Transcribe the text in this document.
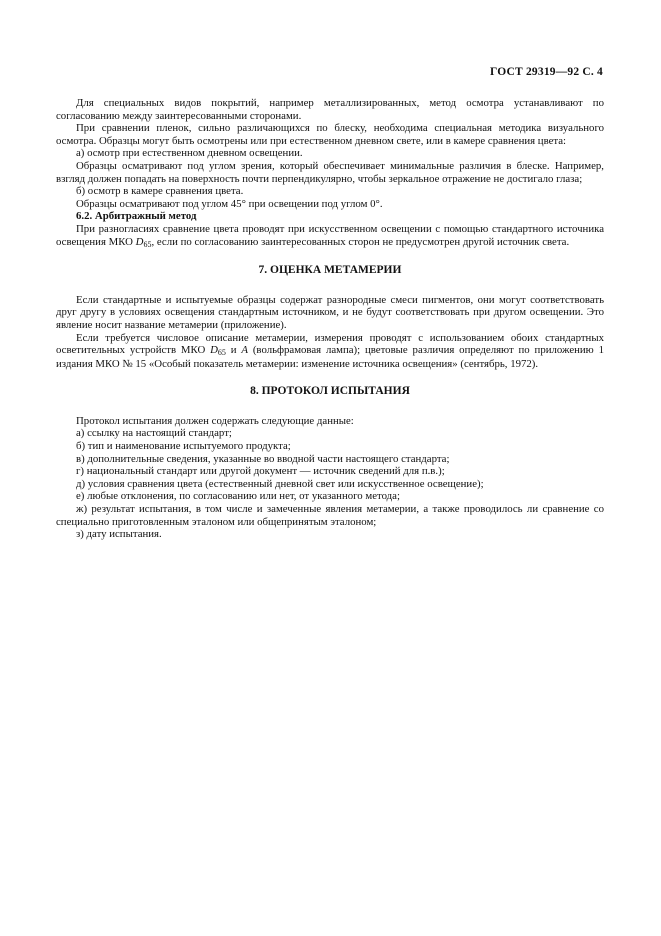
ГОСТ 29319—92 С. 4

Для специальных видов покрытий, например металлизированных, метод осмотра устанавливают по согласованию между заинтересованными сторонами.

При сравнении пленок, сильно различающихся по блеску, необходима специальная методика визуального осмотра. Образцы могут быть осмотрены или при естественном дневном свете, или в камере сравнения цвета:

а) осмотр при естественном дневном освещении.

Образцы осматривают под углом зрения, который обеспечивает минимальные различия в блеске. Например, взгляд должен попадать на поверхность почти перпендикулярно, чтобы зеркальное отражение не достигало глаза;

б) осмотр в камере сравнения цвета.

Образцы осматривают под углом 45° при освещении под углом 0°.

6.2. Арбитражный метод

При разногласиях сравнение цвета проводят при искусственном освещении с помощью стандартного источника освещения МКО D65, если по согласованию заинтересованных сторон не предусмотрен другой источник света.

7. ОЦЕНКА МЕТАМЕРИИ

Если стандартные и испытуемые образцы содержат разнородные смеси пигментов, они могут соответствовать друг другу в условиях освещения стандартным источником, и не будут соответствовать при другом освещении. Это явление носит название метамерии (приложение).

Если требуется числовое описание метамерии, измерения проводят с использованием обоих стандартных осветительных устройств МКО D65 и A (вольфрамовая лампа); цветовые различия определяют по приложению 1 издания МКО № 15 «Особый показатель метамерии: изменение источника освещения» (сентябрь, 1972).

8. ПРОТОКОЛ ИСПЫТАНИЯ

Протокол испытания должен содержать следующие данные:

а) ссылку на настоящий стандарт;

б) тип и наименование испытуемого продукта;

в) дополнительные сведения, указанные во вводной части настоящего стандарта;

г) национальный стандарт или другой документ — источник сведений для п.в.);

д) условия сравнения цвета (естественный дневной свет или искусственное освещение);

е) любые отклонения, по согласованию или нет, от указанного метода;

ж) результат испытания, в том числе и замеченные явления метамерии, а также проводилось ли сравнение со специально приготовленным эталоном или общепринятым эталоном;

з) дату испытания.
